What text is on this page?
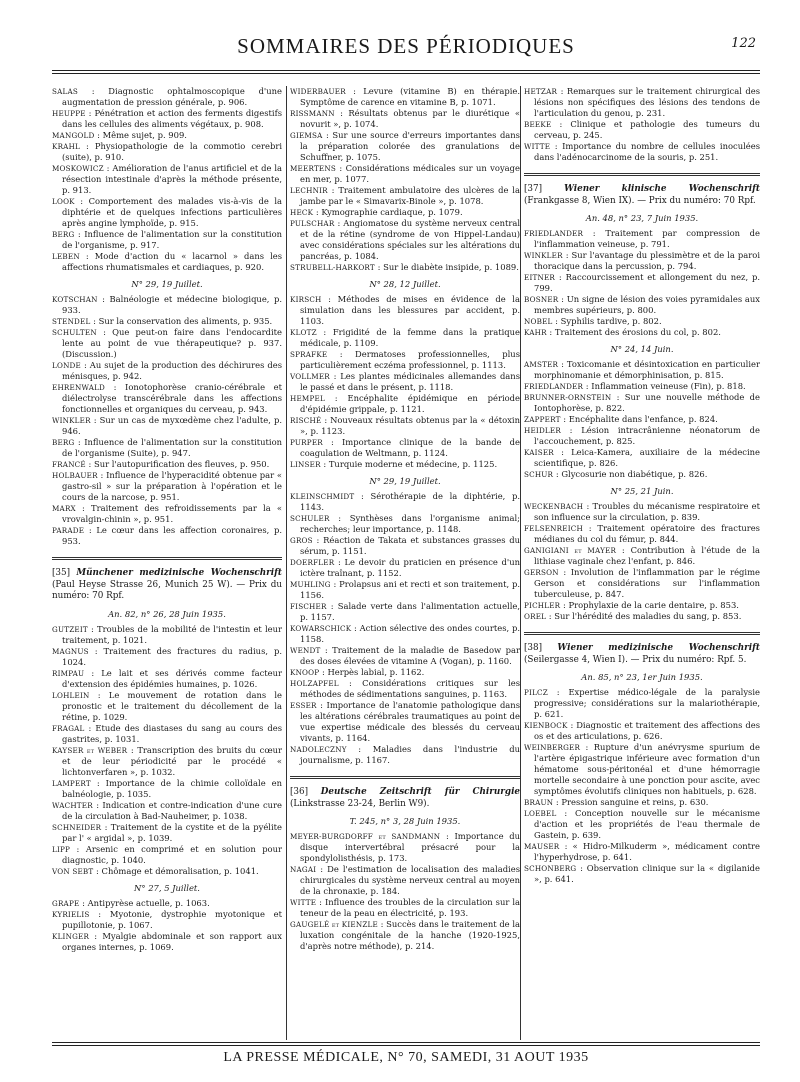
SOMMAIRES DES PÉRIODIQUES	122
SALAS : Diagnostic ophtalmoscopique d'une augmentation de pression générale, p. 906.
HEUPPE : Pénétration et action des ferments digestifs dans les cellules des aliments végétaux, p. 908.
MANGOLD : Même sujet, p. 909.
KRAHL : Physiopathologie de la commotio cerebri (suite), p. 910.
MOSKOWICZ : Amélioration de l'anus artificiel et de la résection intestinale d'après la méthode présente, p. 913.
LOOK : Comportement des malades vis-à-vis de la diphtérie et de quelques infections particulières après angine lymphoïde, p. 915.
BERG : Influence de l'alimentation sur la constitution de l'organisme, p. 917.
LEBEN : Mode d'action du « lacarnol » dans les affections rhumatismales et cardiaques, p. 920.
N° 29, 19 Juillet.
KOTSCHAN : Balnéologie et médecine biologique, p. 933.
STENDEL : Sur la conservation des aliments, p. 935.
SCHULTEN : Que peut-on faire dans l'endocardite lente au point de vue thérapeutique? p. 937. (Discussion.)
LONDE : Au sujet de la production des déchirures des ménisques, p. 942.
EHRENWALD : Ionotophorèse cranio-cérébrale et diélectrolyse transcérébrale dans les affections fonctionnelles et organiques du cerveau, p. 943.
WINKLER : Sur un cas de myxœdème chez l'adulte, p. 946.
BERG : Influence de l'alimentation sur la constitution de l'organisme (Suite), p. 947.
FRANCÉ : Sur l'autopurification des fleuves, p. 950.
HOLBAUER : Influence de l'hyperacidité obtenue par « gastro-sil » sur la préparation à l'opération et le cours de la narcose, p. 951.
MARX : Traitement des refroidissements par la « vrovalgin-chinin », p. 951.
PARADE : Le cœur dans les affection coronaires, p. 953.
[35] Münchener medizinische Wochenschrift (Paul Heyse Strasse 26, Munich 25 W). — Prix du numéro: 70 Rpf.
An. 82, n° 26, 28 Juin 1935.
GUTZEIT : Troubles de la mobilité de l'intestin et leur traitement, p. 1021.
MAGNUS : Traitement des fractures du radius, p. 1024.
RIMPAU : Le lait et ses dérivés comme facteur d'extension des épidémies humaines, p. 1026.
LOHLEIN : Le mouvement de rotation dans le pronostic et le traitement du décollement de la rétine, p. 1029.
FRAGAL : Etude des diastases du sang au cours des gastrites, p. 1031.
KAYSER et WEBER : Transcription des bruits du cœur et de leur périodicité par le procédé « lichtonverfaren », p. 1032.
LAMPERT : Importance de la chimie colloïdale en balnéologie, p. 1035.
WACHTER : Indication et contre-indication d'une cure de la circulation à Bad-Nauheimer, p. 1038.
SCHNEIDER : Traitement de la cystite et de la pyélite par l' « argidal », p. 1039.
LIPP : Arsenic en comprimé et en solution pour diagnostic, p. 1040.
VON SEBT : Chômage et démoralisation, p. 1041.
N° 27, 5 Juillet.
GRAPE : Antipyrèse actuelle, p. 1063.
KYRIELIS : Myotonie, dystrophie myotonique et pupillotonie, p. 1067.
KLINGER : Myalgie abdominale et son rapport aux organes internes, p. 1069.
WIDERBAUER : Levure (vitamine B) en thérapie. Symptôme de carence en vitamine B, p. 1071.
RISSMANN : Résultats obtenus par le diurétique « novurit », p. 1074.
GIEMSA : Sur une source d'erreurs importantes dans la préparation colorée des granulations de Schuffner, p. 1075.
MEERTENS : Considérations médicales sur un voyage en mer, p. 1077.
LECHNIR : Traitement ambulatoire des ulcères de la jambe par le « Simavarix-Binole », p. 1078.
HECK : Kymographie cardiaque, p. 1079.
PULSCHAR : Angiomatose du système nerveux central et de la rétine (syndrome de von Hippel-Landau) avec considérations spéciales sur les altérations du pancréas, p. 1084.
STRUBELL-HARKORT : Sur le diabète insipide, p. 1089.
N° 28, 12 Juillet.
KIRSCH : Méthodes de mises en évidence de la simulation dans les blessures par accident, p. 1103.
KLOTZ : Frigidité de la femme dans la pratique médicale, p. 1109.
SPRAFKE : Dermatoses professionnelles, plus particulièrement eczéma professionnel, p. 1113.
VOLLMER : Les plantes médicinales allemandes dans le passé et dans le présent, p. 1118.
HEMPEL : Encéphalite épidémique en période d'épidémie grippale, p. 1121.
RISCHÉ : Nouveaux résultats obtenus par la « détoxin », p. 1123.
PURPER : Importance clinique de la bande de coagulation de Weltmann, p. 1124.
LINSER : Turquie moderne et médecine, p. 1125.
N° 29, 19 Juillet.
KLEINSCHMIDT : Sérothérapie de la diphtérie, p. 1143.
SCHULER : Synthèses dans l'organisme animal; recherches; leur importance, p. 1148.
GROS : Réaction de Takata et substances grasses du sérum, p. 1151.
DOERFLER : Le devoir du praticien en présence d'un ictère traînant, p. 1152.
MUHLING : Prolapsus ani et recti et son traitement, p. 1156.
FISCHER : Salade verte dans l'alimentation actuelle, p. 1157.
KOWARSCHICK : Action sélective des ondes courtes, p. 1158.
WENDT : Traitement de la maladie de Basedow par des doses élevées de vitamine A (Vogan), p. 1160.
KNOOP : Herpès labial, p. 1162.
HOLZAPFEL : Considérations critiques sur les méthodes de sédimentations sanguines, p. 1163.
ESSER : Importance de l'anatomie pathologique dans les altérations cérébrales traumatiques au point de vue expertise médicale des blessés du cerveau vivants, p. 1164.
NADOLECZNY : Maladies dans l'industrie du journalisme, p. 1167.
[36] Deutsche Zeitschrift für Chirurgie (Linkstrasse 23-24, Berlin W9).
T. 245, n° 3, 28 Juin 1935.
MEYER-BURGDORFF et SANDMANN : Importance du disque intervertébral présacré pour la spondylolisthésis, p. 173.
NAGAI : De l'estimation de localisation des maladies chirurgicales du système nerveux central au moyen de la chronaxie, p. 184.
WITTE : Influence des troubles de la circulation sur la teneur de la peau en électricité, p. 193.
GAUGELÉ et KIENZLE : Succès dans le traitement de la luxation congénitale de la hanche (1920-1925, d'après notre méthode), p. 214.
HETZAR : Remarques sur le traitement chirurgical des lésions non spécifiques des lésions des tendons de l'articulation du genou, p. 231.
BEEKE : Clinique et pathologie des tumeurs du cerveau, p. 245.
WITTE : Importance du nombre de cellules inoculées dans l'adénocarcinome de la souris, p. 251.
[37]	Wiener klinische Wochenschrift (Frankgasse 8, Wien IX). — Prix du numéro: 70 Rpf.
An. 48, n° 23, 7 Juin 1935.
FRIEDLANDER : Traitement par compression de l'inflammation veineuse, p. 791.
WINKLER : Sur l'avantage du plessimètre et de la paroi thoracique dans la percussion, p. 794.
EITNER : Raccourcissement et allongement du nez, p. 799.
BOSNER : Un signe de lésion des voies pyramidales aux membres supérieurs, p. 800.
NOBEL : Syphilis tardive, p. 802.
KAHR : Traitement des érosions du col, p. 802.
N° 24, 14 Juin.
AMSTER : Toxicomanie et désintoxication en particulier morphinomanie et démorphinisation, p. 815.
FRIEDLANDER : Inflammation veineuse (Fin), p. 818.
BRUNNER-ORNSTEIN : Sur une nouvelle méthode de Iontophorèse, p. 822.
ZAPPERT : Encéphalite dans l'enfance, p. 824.
HEIDLER : Lésion intracrânienne néonatorum de l'accouchement, p. 825.
KAISER : Leica-Kamera, auxiliaire de la médecine scientifique, p. 826.
SCHUR : Glycosurie non diabétique, p. 826.
N° 25, 21 Juin.
WECKENBACH : Troubles du mécanisme respiratoire et son influence sur la circulation, p. 839.
FELSENREICH : Traitement opératoire des fractures médianes du col du fémur, p. 844.
GANIGIANI et MAYER : Contribution à l'étude de la lithiase vaginale chez l'enfant, p. 846.
GERSON : Involution de l'inflammation par le régime Gerson et considérations sur l'inflammation tuberculeuse, p. 847.
PICHLER : Prophylaxie de la carie dentaire, p. 853.
OREL : Sur l'hérédité des maladies du sang, p. 853.
[38] Wiener medizinische Wochenschrift (Seilergasse 4, Wien I). — Prix du numéro: Rpf. 5.
An. 85, n° 23, 1er Juin 1935.
PILCZ : Expertise médico-légale de la paralysie progressive; considérations sur la malariothérapie, p. 621.
KIENBOCK : Diagnostic et traitement des affections des os et des articulations, p. 626.
WEINBERGER : Rupture d'un anévrysme spurium de l'artère épigastrique inférieure avec formation d'un hématome sous-péritonéal et d'une hémorragie mortelle secondaire à une ponction pour ascite, avec symptômes évolutifs cliniques non habituels, p. 628.
BRAUN : Pression sanguine et reins, p. 630.
LOEBEL : Conception nouvelle sur le mécanisme d'action et les propriétés de l'eau thermale de Gastein, p. 639.
MAUSER : « Hidro-Milkuderm », médicament contre l'hyperhydrose, p. 641.
SCHONBERG : Observation clinique sur la « digilanide », p. 641.
LA PRESSE MÉDICALE, N° 70, SAMEDI, 31 AOUT 1935
